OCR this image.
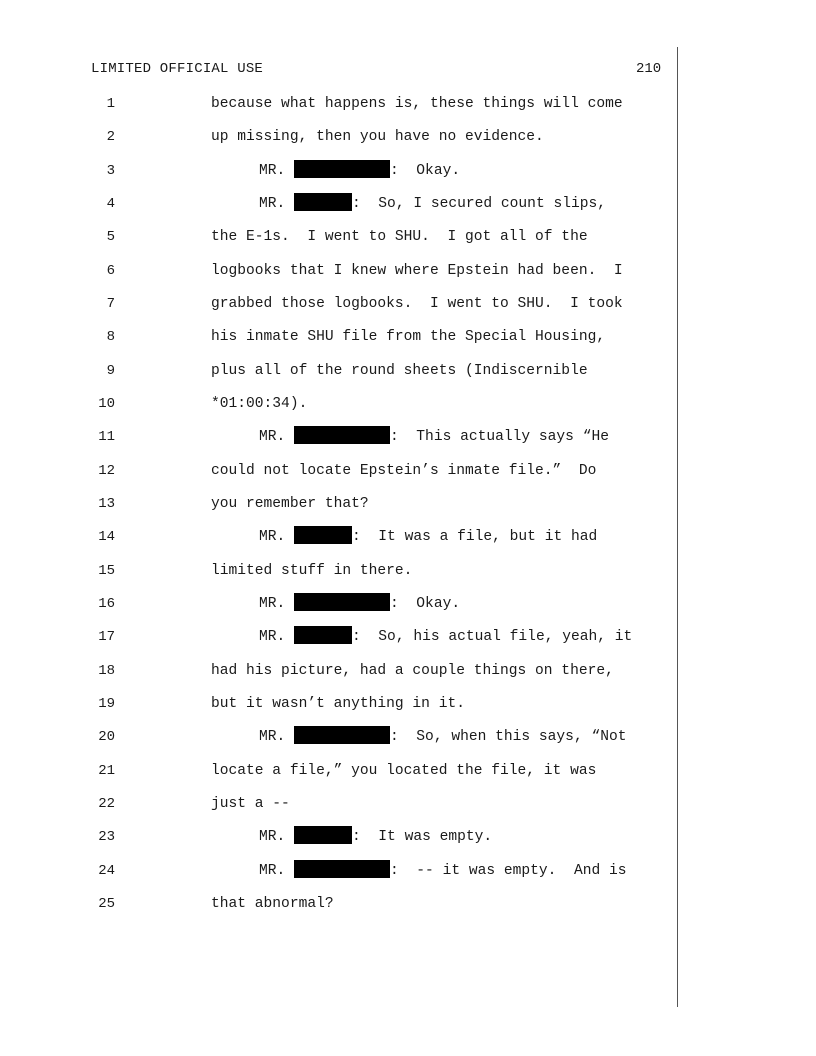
LIMITED OFFICIAL USE	210
1	because what happens is, these things will come
2	up missing, then you have no evidence.
3	MR.	:  Okay.
4	MR.	:  So, I secured count slips,
5	the E-1s.  I went to SHU.  I got all of the
6	logbooks that I knew where Epstein had been.  I
7	grabbed those logbooks.  I went to SHU.  I took
8	his inmate SHU file from the Special Housing,
9	plus all of the round sheets (Indiscernible
10	*01:00:34).
11	MR.	:  This actually says “He
12	could not locate Epstein’s inmate file.”  Do
13	you remember that?
14	MR.	:  It was a file, but it had
15	limited stuff in there.
16	MR.	:  Okay.
17	MR.	:  So, his actual file, yeah, it
18	had his picture, had a couple things on there,
19	but it wasn’t anything in it.
20	MR.	:  So, when this says, “Not
21	locate a file,” you located the file, it was
22	just a --
23	MR.	:  It was empty.
24	MR.	:  -- it was empty.  And is
25	that abnormal?
